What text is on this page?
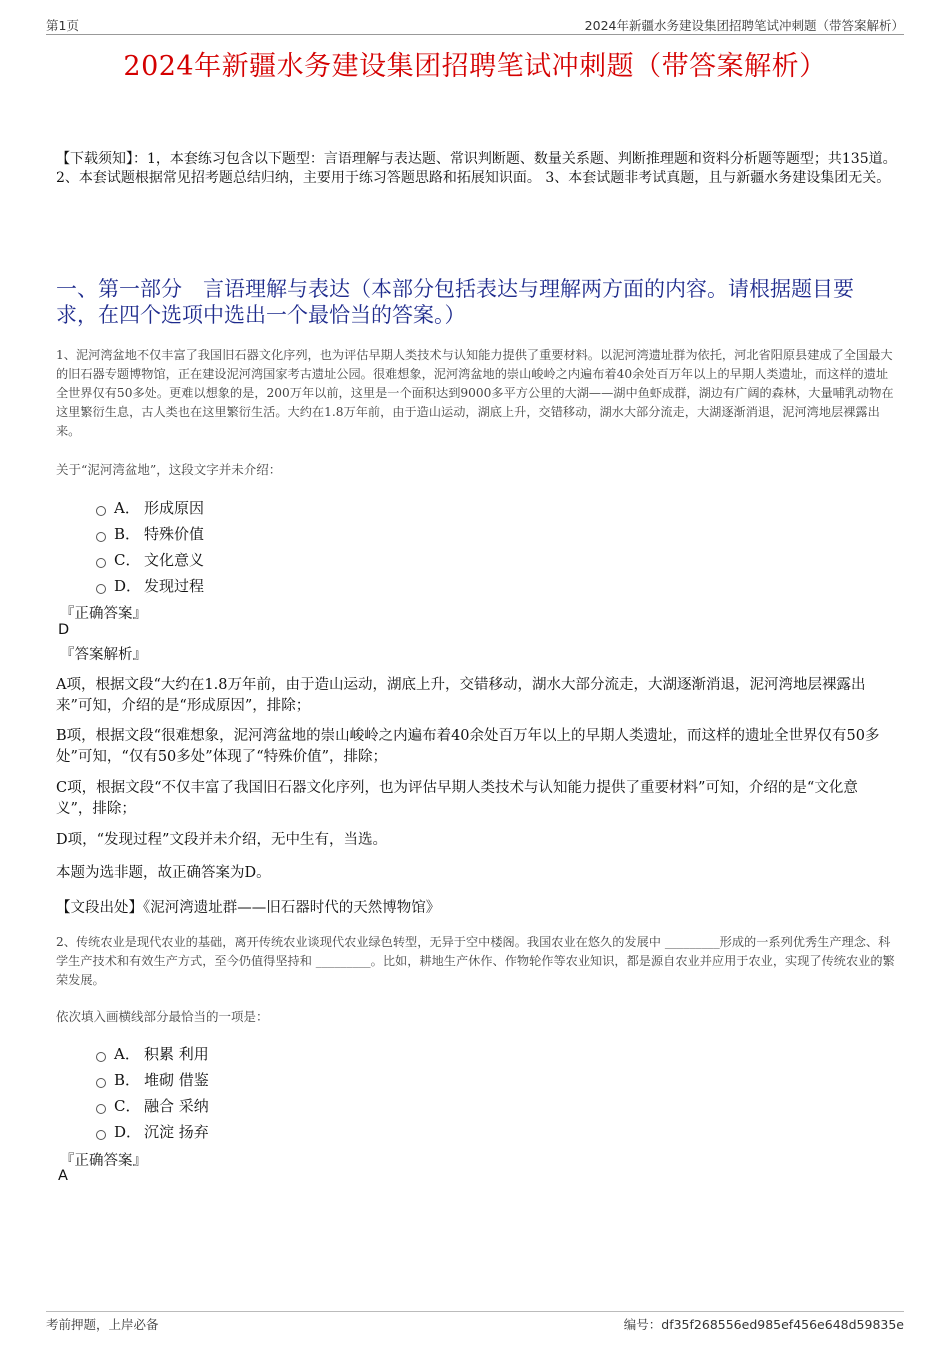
第1页	2024年新疆水务建设集团招聘笔试冲刺题（带答案解析）
2024年新疆水务建设集团招聘笔试冲刺题（带答案解析）
【下载须知】：1，本套练习包含以下题型：言语理解与表达题、常识判断题、数量关系题、判断推理题和资料分析题等题型；共135道。 2、本套试题根据常见招考题总结归纳，主要用于练习答题思路和拓展知识面。 3、本套试题非考试真题，且与新疆水务建设集团无关。
一、第一部分　言语理解与表达（本部分包括表达与理解两方面的内容。请根据题目要求，在四个选项中选出一个最恰当的答案。）
1、泥河湾盆地不仅丰富了我国旧石器文化序列，也为评估早期人类技术与认知能力提供了重要材料。以泥河湾遗址群为依托，河北省阳原县建成了全国最大的旧石器专题博物馆，正在建设泥河湾国家考古遗址公园。很难想象，泥河湾盆地的崇山峻岭之内遍布着40余处百万年以上的早期人类遗址，而这样的遗址全世界仅有50多处。更难以想象的是，200万年以前，这里是一个面积达到9000多平方公里的大湖——湖中鱼虾成群，湖边有广阔的森林，大量哺乳动物在这里繁衍生息，古人类也在这里繁衍生活。大约在1.8万年前，由于造山运动，湖底上升，交错移动，湖水大部分流走，大湖逐渐消退，泥河湾地层裸露出来。
关于“泥河湾盆地”，这段文字并未介绍：
A． 形成原因
B． 特殊价值
C． 文化意义
D． 发现过程
『正确答案』
D
『答案解析』
A项，根据文段“大约在1.8万年前，由于造山运动，湖底上升，交错移动，湖水大部分流走，大湖逐渐消退，泥河湾地层裸露出来”可知，介绍的是“形成原因”，排除；
B项，根据文段“很难想象，泥河湾盆地的崇山峻岭之内遍布着40余处百万年以上的早期人类遗址，而这样的遗址全世界仅有50多处”可知，“仅有50多处”体现了“特殊价值”，排除；
C项，根据文段“不仅丰富了我国旧石器文化序列，也为评估早期人类技术与认知能力提供了重要材料”可知，介绍的是“文化意义”，排除；
D项，“发现过程”文段并未介绍，无中生有，当选。
本题为选非题，故正确答案为D。
【文段出处】《泥河湾遗址群——旧石器时代的天然博物馆》
2、传统农业是现代农业的基础，离开传统农业谈现代农业绿色转型，无异于空中楼阁。我国农业在悠久的发展中 _________形成的一系列优秀生产理念、科学生产技术和有效生产方式，至今仍值得坚持和 _________。比如，耕地生产休作、作物轮作等农业知识，都是源自农业并应用于农业，实现了传统农业的繁荣发展。
依次填入画横线部分最恰当的一项是：
A． 积累 利用
B． 堆砌 借鉴
C． 融合 采纳
D． 沉淀 扬弃
『正确答案』
A
考前押题，上岸必备	编号：df35f268556ed985ef456e648d59835e
